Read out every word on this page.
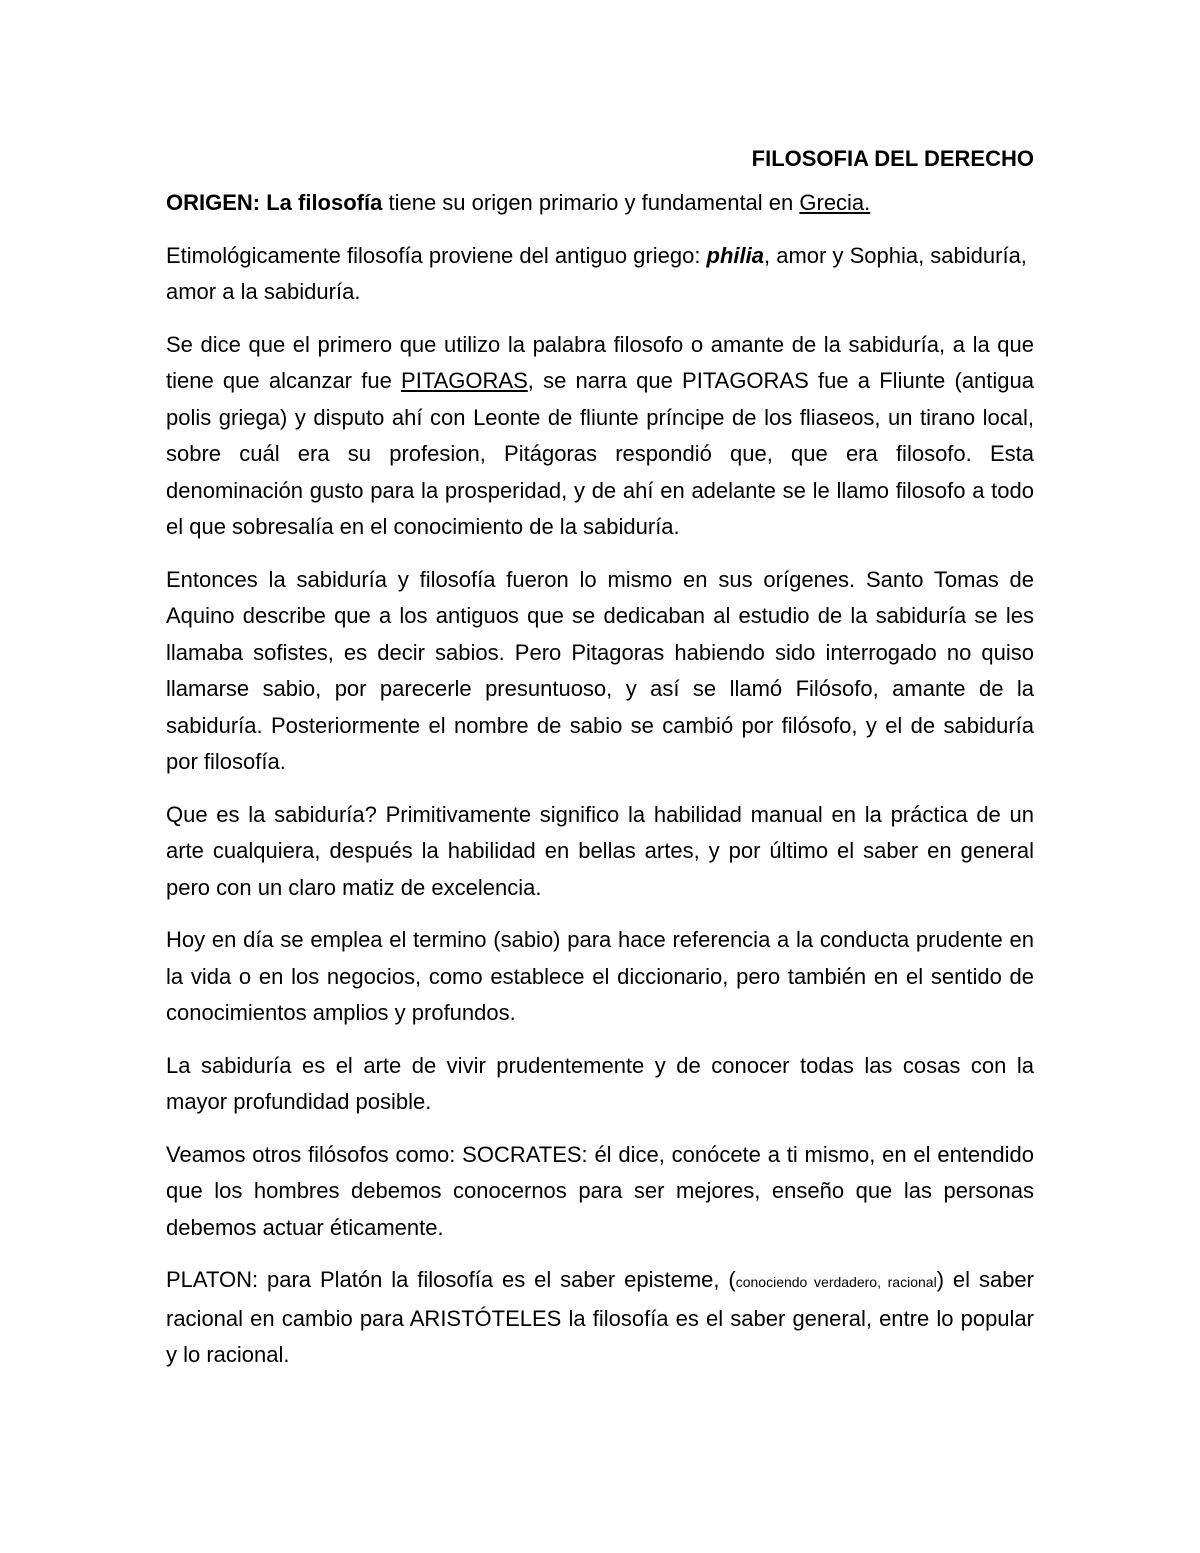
FILOSOFIA DEL DERECHO

ORIGEN: La filosofía tiene su origen primario y fundamental en Grecia.

Etimológicamente filosofía proviene del antiguo griego: philia, amor y Sophia, sabiduría, amor a la sabiduría.

Se dice que el primero que utilizo la palabra filosofo o amante de la sabiduría, a la que tiene que alcanzar fue PITAGORAS, se narra que PITAGORAS fue a Fliunte (antigua polis griega) y disputo ahí con Leonte de fliunte príncipe de los fliaseos, un tirano local, sobre cuál era su profesion, Pitágoras respondió que, que era filosofo. Esta denominación gusto para la prosperidad, y de ahí en adelante se le llamo filosofo a todo el que sobresalía en el conocimiento de la sabiduría.

Entonces la sabiduría y filosofía fueron lo mismo en sus orígenes. Santo Tomas de Aquino describe que a los antiguos que se dedicaban al estudio de la sabiduría se les llamaba sofistes, es decir sabios. Pero Pitagoras habiendo sido interrogado no quiso llamarse sabio, por parecerle presuntuoso, y así se llamó Filósofo, amante de la sabiduría. Posteriormente el nombre de sabio se cambió por filósofo, y el de sabiduría por filosofía.

Que es la sabiduría? Primitivamente significo la habilidad manual en la práctica de un arte cualquiera, después la habilidad en bellas artes, y por último el saber en general pero con un claro matiz de excelencia.

Hoy en día se emplea el termino (sabio) para hace referencia a la conducta prudente en la vida o en los negocios, como establece el diccionario, pero también en el sentido de conocimientos amplios y profundos.

La sabiduría es el arte de vivir prudentemente y de conocer todas las cosas con la mayor profundidad posible.

Veamos otros filósofos como: SOCRATES: él dice, conócete a ti mismo, en el entendido que los hombres debemos conocernos para ser mejores, enseño que las personas debemos actuar éticamente.

PLATON: para Platón la filosofía es el saber episteme, (conociendo verdadero, racional) el saber racional en cambio para ARISTÓTELES la filosofía es el saber general, entre lo popular y lo racional.
